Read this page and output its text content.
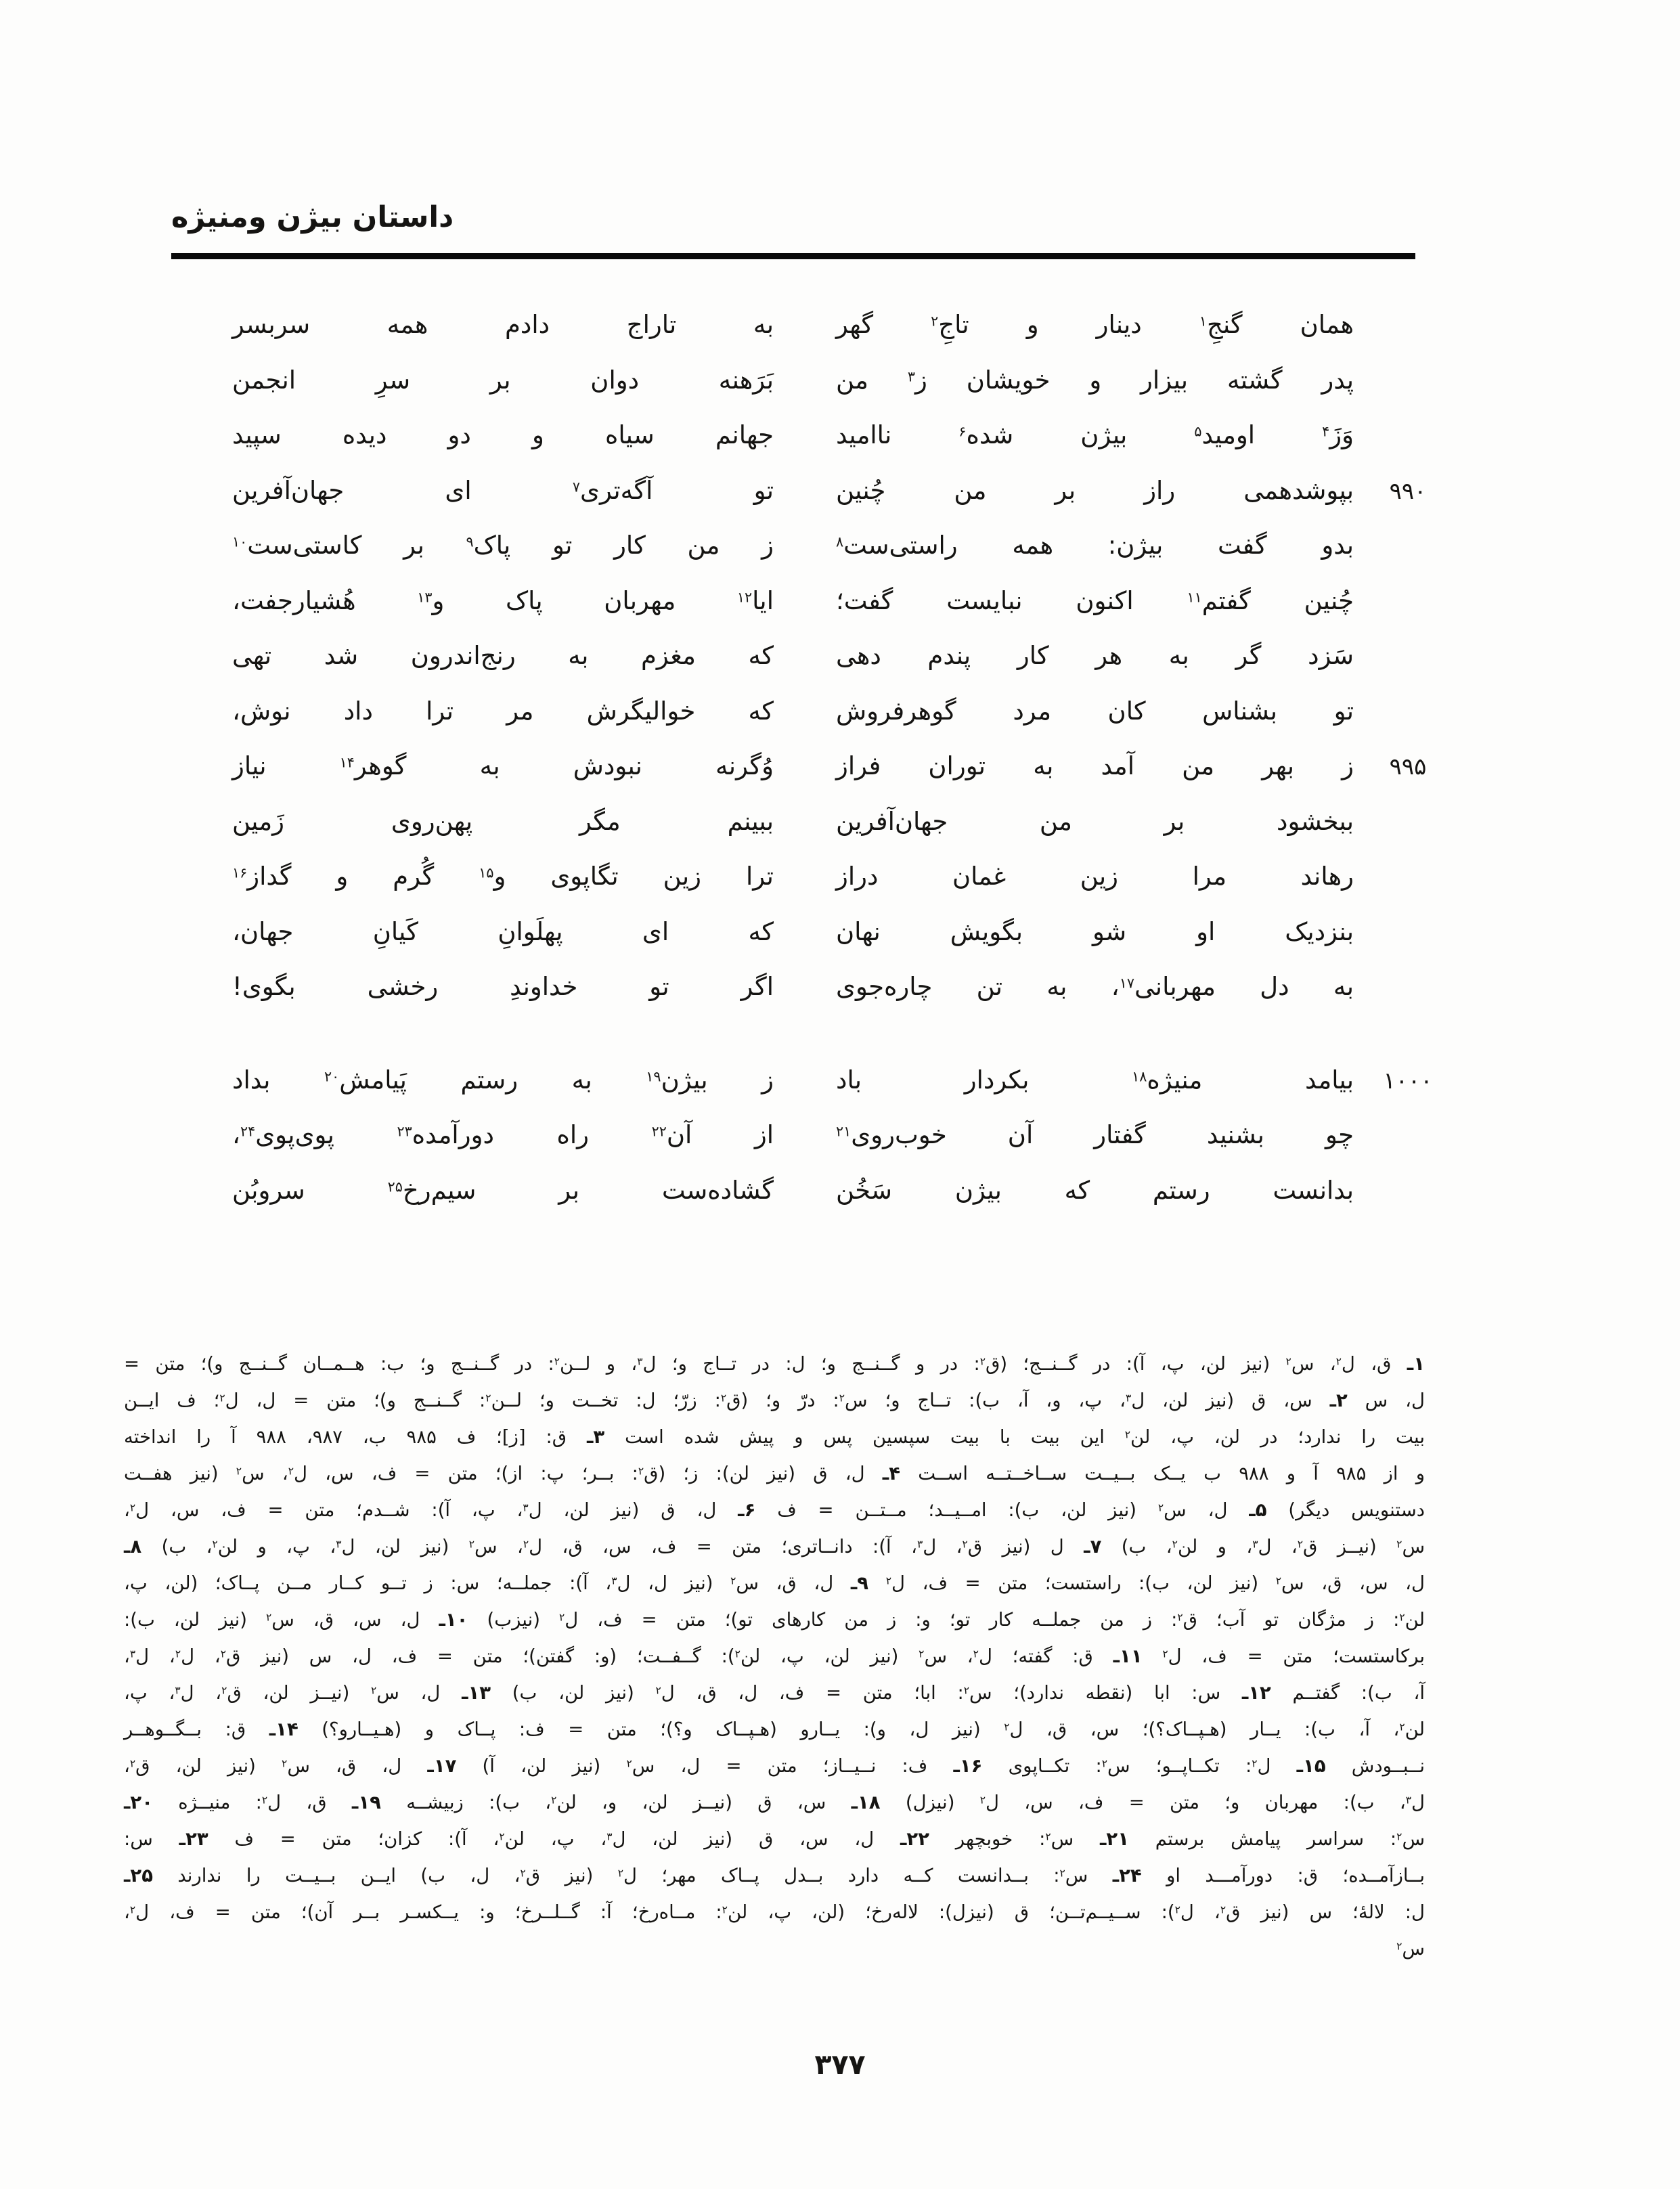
داستان بیژن ومنیژه
همان گنجِ$^۱$ دینار و تاجِ$^۲$ گهر
به تاراج دادم همه سربسر
پدر گشته بیزار و خویشان ز$^۳$ من
بَرَهنه دوان بر سرِ انجمن
وَزَ$^۴$ اومید$^۵$ بیژن شده$^۶$ ناامید
جهانم سیاه و دو دیده سپید
۹۹۰
بپوشدهمی راز بر من چُنین
تو آگه‌تری$^۷$ ای جهان‌آفرین
بدو گفت بیژن: همه راستی‌ست$^۸$
ز من کار تو پاک$^۹$ بر کاستی‌ست$^{۱۰}$
چُنین گفتم$^{۱۱}$ اکنون نبایست گفت؛
ایا$^{۱۲}$ مهربان پاک و$^{۱۳}$ هُشیارجفت،
سَزد گر به هر کار پندم دهی
که مغزم به رنج‌اندرون شد تهی
تو بشناس کان مرد گوهرفروش
که خوالیگرش مر ترا داد نوش،
۹۹۵
ز بهر من آمد به توران فراز
وُگرنه نبودش به گوهر$^{۱۴}$ نیاز
ببخشود بر من جهان‌آفرین
ببینم مگر پهن‌روی زَمین
رهاند مرا زین غمان دراز
ترا زین تگاپوی و$^{۱۵}$ گُرم و گداز$^{۱۶}$
بنزدیک او شو بگویش نهان
که ای پهلَوانِ کَیانِ جهان،
به دل مهربانی$^{۱۷}$، به تن چاره‌جوی
اگر تو خداوندِ رخشی بگوی!
۱۰۰۰
بیامد منیژه$^{۱۸}$ بکردار باد
ز بیژن$^{۱۹}$ به رستم پَیامش$^{۲۰}$ بداد
چو بشنید گفتار آن خوب‌روی$^{۲۱}$
از آن$^{۲۲}$ راه دورآمده$^{۲۳}$ پوی‌پوی$^{۲۴}$،
بدانست رستم که بیژن سَخُن
گشاده‌ست بر سیم‌رخ$^{۲۵}$ سروبُن
۱ـ ق، ل$^۲$، س$^۲$ (نیز لن، پ، آ): در گــنــج؛ (ق$^۲$: در و گــنــج و؛ ل: در تــاج و؛ ل$^۳$، و لــن$^۲$: در گــنــج و؛ ب: هــمــان گــنــج و)؛ متن =
ل، س ۲ـ س، ق (نیز لن، ل$^۳$، پ، و، آ، ب): تــاج و؛ س$^۲$: درّ و؛ (ق$^۲$: زرّ؛ ل: تخــت و؛ لــن$^۲$: گــنــج و)؛ متن = ل، ل$^۲$؛ ف ایــن
بیت را ندارد؛ در لن، پ، لن$^۲$ این بیت با بیت سپسین پس و پیش شده است ۳ـ ق: [ز]؛ ف ۹۸۵ ب، ۹۸۷، ۹۸۸ آ را انداخته
و از ۹۸۵ آ و ۹۸۸ ب یــک بــیــت ســاخــتــه اســت ۴ـ ل، ق (نیز لن): ز؛ (ق$^۲$: بــر؛ پ: از)؛ متن = ف، س، ل$^۲$، س$^۲$ (نیز هفــت
دستنویس دیگر) ۵ـ ل، س$^۲$ (نیز لن، ب): امــیــد؛ مــتــن = ف ۶ـ ل، ق (نیز لن، ل$^۳$، پ، آ): شــدم؛ متن = ف، س، ل$^۲$،
س$^۲$ (نیــز ق$^۲$، ل$^۳$، و لن$^۲$، ب) ۷ـ ل (نیز ق$^۲$، ل$^۳$، آ): دانــاتری؛ متن = ف، س، ق، ل$^۲$، س$^۲$ (نیز لن، ل$^۳$، پ، و لن$^۲$، ب) ۸ـ
ل، س، ق، س$^۲$ (نیز لن، ب): راستست؛ متن = ف، ل$^۲$ ۹ـ ل، ق، س$^۲$ (نیز ل، ل$^۳$، آ): جملــه؛ س: ز تــو کــار مــن پــاک؛ (لن، پ،
لن$^۲$: ز مژگان تو آب؛ ق$^۲$: ز من جملــه کار تو؛ و: ز من کارهای تو)؛ متن = ف، ل$^۲$ (نیزب) ۱۰ـ ل، س، ق، س$^۲$ (نیز لن، ب):
برکاستست؛ متن = ف، ل$^۲$ ۱۱ـ ق: گفته؛ ل$^۲$، س$^۲$ (نیز لن، پ، لن$^۲$): گــفــت؛ (و: گفتن)؛ متن = ف، ل، س (نیز ق$^۲$، ل$^۲$، ل$^۳$،
آ، ب): گفتــم ۱۲ـ س: ابا (نقطه ندارد)؛ س$^۲$: ابا؛ متن = ف، ل، ق، ل$^۲$ (نیز لن، ب) ۱۳ـ ل، س$^۲$ (نیــز لن، ق$^۲$، ل$^۳$، پ،
لن$^۲$، آ، ب): یــار (هـپــاک؟)؛ س، ق، ل$^۲$ (نیز ل، و): یــارو (هـپــاک و؟)؛ متن = ف: پــاک و (هـیــارو؟) ۱۴ـ ق: بــگــوهــر
نــبــودش ۱۵ـ ل$^۲$: تکــاپــو؛ س$^۲$: تکــاپوی ۱۶ـ ف: نــیــاز؛ متن = ل، س$^۲$ (نیز لن، آ) ۱۷ـ ل، ق، س$^۲$ (نیز لن، ق$^۲$،
ل$^۳$، ب): مهربان و؛ متن = ف، س، ل$^۲$ (نیزل) ۱۸ـ س، ق (نیــز لن، و، لن$^۲$، ب): زبیشــه ۱۹ـ ق، ل$^۲$: منیــژه ۲۰ـ
س$^۲$: سراسر پیامش برستم ۲۱ـ س$^۲$: خوبچهر ۲۲ـ ل، س، ق (نیز لن، ل$^۳$، پ، لن$^۲$، آ): کزان؛ متن = ف ۲۳ـ س:
بــازآمــده؛ ق: دورآمـــد او ۲۴ـ س$^۲$: بــدانست کــه دارد بــدل پــاک مهر؛ ل$^۲$ (نیز ق$^۲$، ل، ب) ایــن بــیــت را ندارند ۲۵ـ
ل: لالۀ؛ س (نیز ق$^۲$، ل$^۲$): ســیــم‌تــن؛ ق (نیزل): لاله‌رخ؛ (لن، پ، لن$^۲$: مــاه‌رخ؛ آ: گــلــرخ؛ و: یــکسـر بــر آن)؛ متن = ف، ل$^۲$،
س$^۲$
۳۷۷
